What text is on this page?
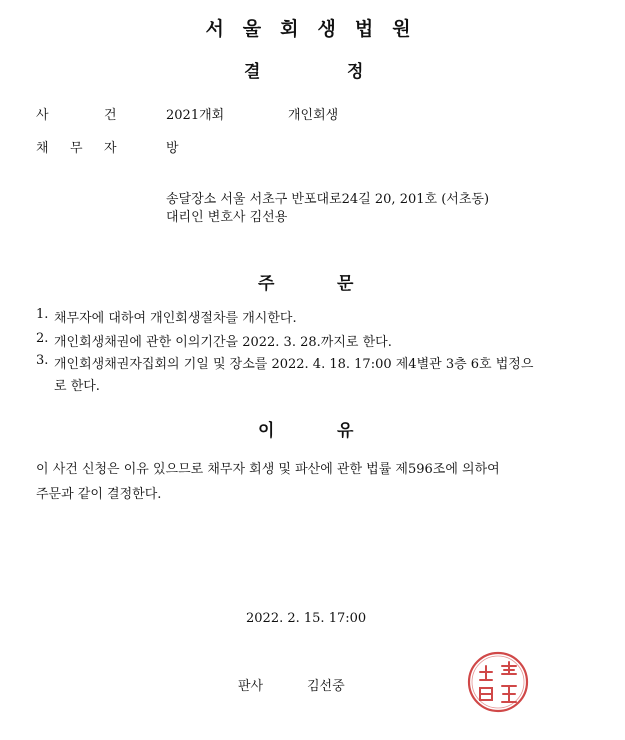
서울회생법원
결	정
사	건	2021개회	개인회생
채 무 자	방
송달장소 서울 서초구 반포대로24길 20, 201호 (서초동)
대리인 변호사 김선용
주	문
1. 채무자에 대하여 개인회생절차를 개시한다.
2. 개인회생채권에 관한 이의기간을 2022. 3. 28.까지로 한다.
3. 개인회생채권자집회의 기일 및 장소를 2022. 4. 18. 17:00 제4별관 3층 6호 법정으
로 한다.
이	유
이 사건 신청은 이유 있으므로 채무자 회생 및 파산에 관한 법률 제596조에 의하여
주문과 같이 결정한다.
2022. 2. 15. 17:00
판사	김선중
